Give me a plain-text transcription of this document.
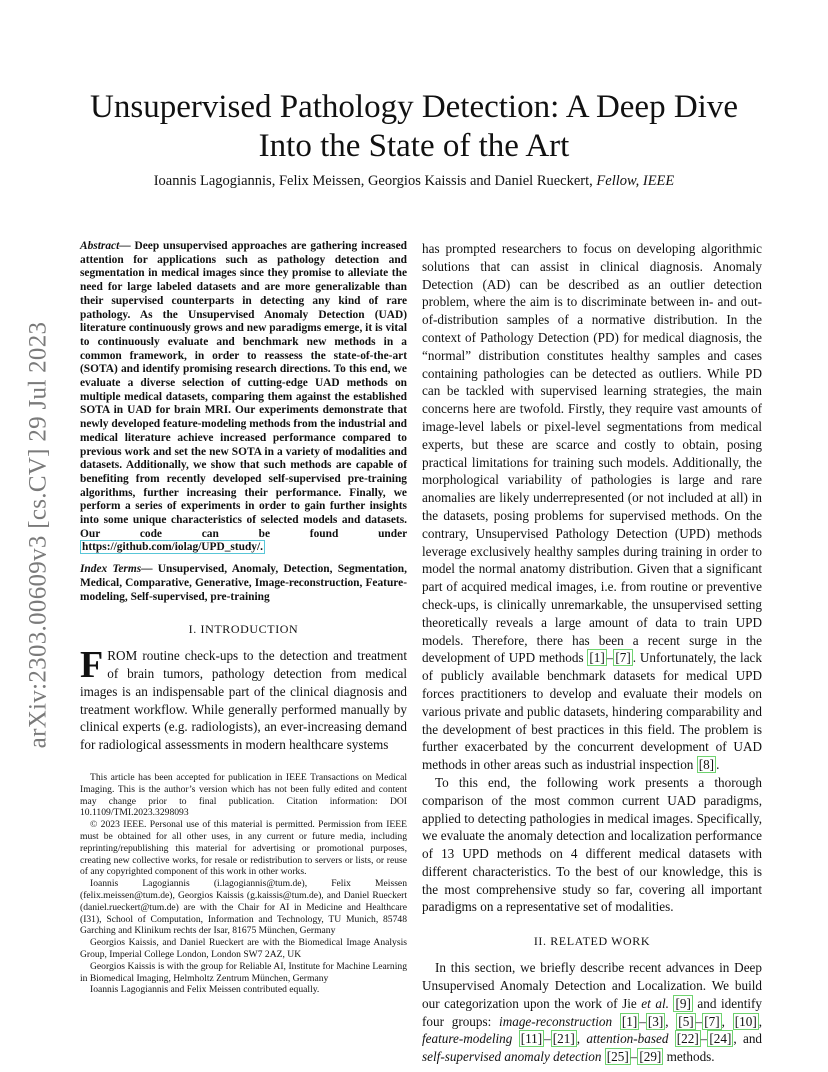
arXiv:2303.00609v3 [cs.CV] 29 Jul 2023
Unsupervised Pathology Detection: A Deep Dive Into the State of the Art
Ioannis Lagogiannis, Felix Meissen, Georgios Kaissis and Daniel Rueckert, Fellow, IEEE

Abstract— Deep unsupervised approaches are gathering increased attention for applications such as pathology detection and segmentation in medical images since they promise to alleviate the need for large labeled datasets and are more generalizable than their supervised counterparts in detecting any kind of rare pathology. As the Unsupervised Anomaly Detection (UAD) literature continuously grows and new paradigms emerge, it is vital to continuously evaluate and benchmark new methods in a common framework, in order to reassess the state-of-the-art (SOTA) and identify promising research directions. To this end, we evaluate a diverse selection of cutting-edge UAD methods on multiple medical datasets, comparing them against the established SOTA in UAD for brain MRI. Our experiments demonstrate that newly developed feature-modeling methods from the industrial and medical literature achieve increased performance compared to previous work and set the new SOTA in a variety of modalities and datasets. Additionally, we show that such methods are capable of benefiting from recently developed self-supervised pre-training algorithms, further increasing their performance. Finally, we perform a series of experiments in order to gain further insights into some unique characteristics of selected models and datasets. Our code can be found under https://github.com/iolag/UPD_study/.

Index Terms— Unsupervised, Anomaly, Detection, Segmentation, Medical, Comparative, Generative, Image-reconstruction, Feature-modeling, Self-supervised, pre-training

I. INTRODUCTION

FROM routine check-ups to the detection and treatment of brain tumors, pathology detection from medical images is an indispensable part of the clinical diagnosis and treatment workflow. While generally performed manually by clinical experts (e.g. radiologists), an ever-increasing demand for radiological assessments in modern healthcare systems

This article has been accepted for publication in IEEE Transactions on Medical Imaging. This is the author’s version which has not been fully edited and content may change prior to final publication. Citation information: DOI 10.1109/TMI.2023.3298093

© 2023 IEEE. Personal use of this material is permitted. Permission from IEEE must be obtained for all other uses, in any current or future media, including reprinting/republishing this material for advertising or promotional purposes, creating new collective works, for resale or redistribution to servers or lists, or reuse of any copyrighted component of this work in other works.

Ioannis Lagogiannis (i.lagogiannis@tum.de), Felix Meissen (felix.meissen@tum.de), Georgios Kaissis (g.kaissis@tum.de), and Daniel Rueckert (daniel.rueckert@tum.de) are with the Chair for AI in Medicine and Healthcare (I31), School of Computation, Information and Technology, TU Munich, 85748 Garching and Klinikum rechts der Isar, 81675 München, Germany

Georgios Kaissis, and Daniel Rueckert are with the Biomedical Image Analysis Group, Imperial College London, London SW7 2AZ, UK

Georgios Kaissis is with the group for Reliable AI, Institute for Machine Learning in Biomedical Imaging, Helmholtz Zentrum München, Germany

Ioannis Lagogiannis and Felix Meissen contributed equally.

has prompted researchers to focus on developing algorithmic solutions that can assist in clinical diagnosis. Anomaly Detection (AD) can be described as an outlier detection problem, where the aim is to discriminate between in- and out-of-distribution samples of a normative distribution. In the context of Pathology Detection (PD) for medical diagnosis, the “normal” distribution constitutes healthy samples and cases containing pathologies can be detected as outliers. While PD can be tackled with supervised learning strategies, the main concerns here are twofold. Firstly, they require vast amounts of image-level labels or pixel-level segmentations from medical experts, but these are scarce and costly to obtain, posing practical limitations for training such models. Additionally, the morphological variability of pathologies is large and rare anomalies are likely underrepresented (or not included at all) in the datasets, posing problems for supervised methods. On the contrary, Unsupervised Pathology Detection (UPD) methods leverage exclusively healthy samples during training in order to model the normal anatomy distribution. Given that a significant part of acquired medical images, i.e. from routine or preventive check-ups, is clinically unremarkable, the unsupervised setting theoretically reveals a large amount of data to train UPD models. Therefore, there has been a recent surge in the development of UPD methods [1] – [7] . Unfortunately, the lack of publicly available benchmark datasets for medical UPD forces practitioners to develop and evaluate their models on various private and public datasets, hindering comparability and the development of best practices in this field. The problem is further exacerbated by the concurrent development of UAD methods in other areas such as industrial inspection [8] .

To this end, the following work presents a thorough comparison of the most common current UAD paradigms, applied to detecting pathologies in medical images. Specifically, we evaluate the anomaly detection and localization performance of 13 UPD methods on 4 different medical datasets with different characteristics. To the best of our knowledge, this is the most comprehensive study so far, covering all important paradigms on a representative set of modalities.

II. RELATED WORK

In this section, we briefly describe recent advances in Deep Unsupervised Anomaly Detection and Localization. We build our categorization upon the work of Jie et al. [9] and identify four groups: image-reconstruction [1] – [3] , [5] – [7] , [10] , feature-modeling [11] – [21] , attention-based [22] – [24] , and self-supervised anomaly detection [25] – [29] methods.
